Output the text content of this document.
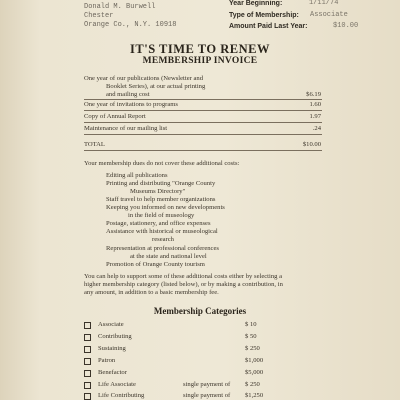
Donald M. Burwell
Chester
Orange Co., N.Y. 10918
Year Beginning:	1/11/74
Type of Membership: Associate
Amount Paid Last Year:	$10.00
IT'S TIME TO RENEW
MEMBERSHIP INVOICE
One year of our publications (Newsletter and
Booklet Series), at our actual printing
and mailing cost	$6.19
One year of invitations to programs	1.60
Copy of Annual Report	1.97
Maintenance of our mailing list	.24
TOTAL	$10.00
Your membership dues do not cover these additional costs:
Editing all publications
Printing and distributing "Orange County
Museums Directory"
Staff travel to help member organizations
Keeping you informed on new developments
in the field of museology
Postage, stationery, and office expenses
Assistance with historical or museological
research
Representation at professional conferences
at the state and national level
Promotion of Orange County tourism
You can help to support some of these additional costs either by selecting a
higher membership category (listed below), or by making a contribution, in
any amount, in addition to a basic membership fee.
Membership Categories
Associate	$ 10
Contributing	$ 50
Sustaining	$ 250
Patron	$1,000
Benefactor	$5,000
Life Associate	single payment of $ 250
Life Contributing	single payment of $1,250
